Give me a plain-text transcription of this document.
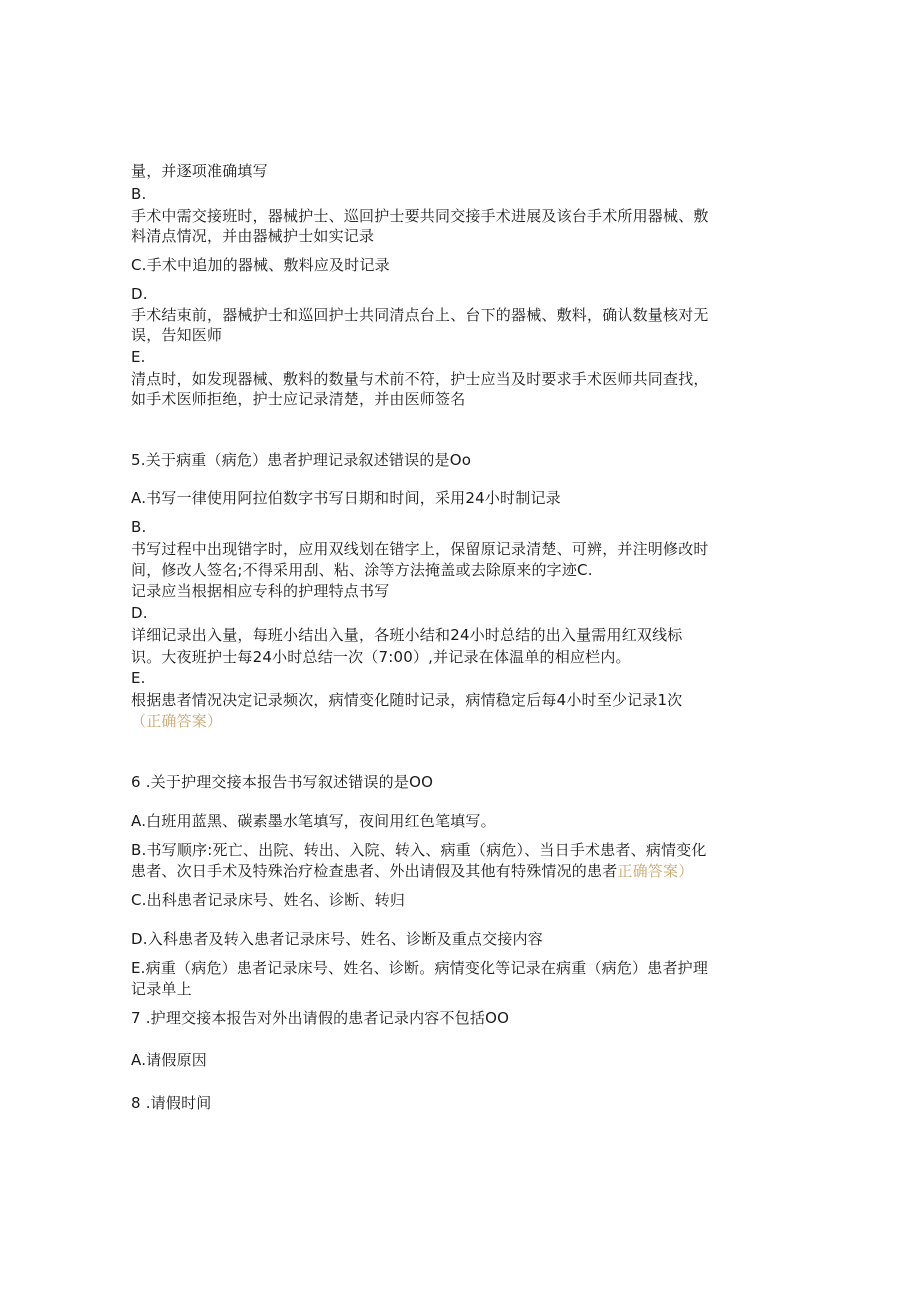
量，并逐项准确填写
B.
手术中需交接班时，器械护士、巡回护士要共同交接手术进展及该台手术所用器械、敷
料清点情况，并由器械护士如实记录
C.手术中追加的器械、敷料应及时记录
D.
手术结束前，器械护士和巡回护士共同清点台上、台下的器械、敷料，确认数量核对无
误，告知医师
E.
清点时，如发现器械、敷料的数量与术前不符，护士应当及时要求手术医师共同查找，
如手术医师拒绝，护士应记录清楚，并由医师签名
5.关于病重（病危）患者护理记录叙述错误的是Oo
A.书写一律使用阿拉伯数字书写日期和时间，采用24小时制记录
B.
书写过程中出现错字时，应用双线划在错字上，保留原记录清楚、可辨，并注明修改时
间，修改人签名;不得采用刮、粘、涂等方法掩盖或去除原来的字迹C.
记录应当根据相应专科的护理特点书写
D.
详细记录出入量，每班小结出入量，各班小结和24小时总结的出入量需用红双线标
识。大夜班护士每24小时总结一次（7:00）,并记录在体温单的相应栏内。
E.
根据患者情况决定记录频次，病情变化随时记录，病情稳定后每4小时至少记录1次
（正确答案）
6 .关于护理交接本报告书写叙述错误的是OO
A.白班用蓝黑、碳素墨水笔填写，夜间用红色笔填写。
B.书写顺序:死亡、出院、转出、入院、转入、病重（病危）、当日手术患者、病情变化
患者、次日手术及特殊治疗检查患者、外出请假及其他有特殊情况的患者正确答案）
C.出科患者记录床号、姓名、诊断、转归
D.入科患者及转入患者记录床号、姓名、诊断及重点交接内容
E.病重（病危）患者记录床号、姓名、诊断。病情变化等记录在病重（病危）患者护理
记录单上
7 .护理交接本报告对外出请假的患者记录内容不包括OO
A.请假原因
8 .请假时间
